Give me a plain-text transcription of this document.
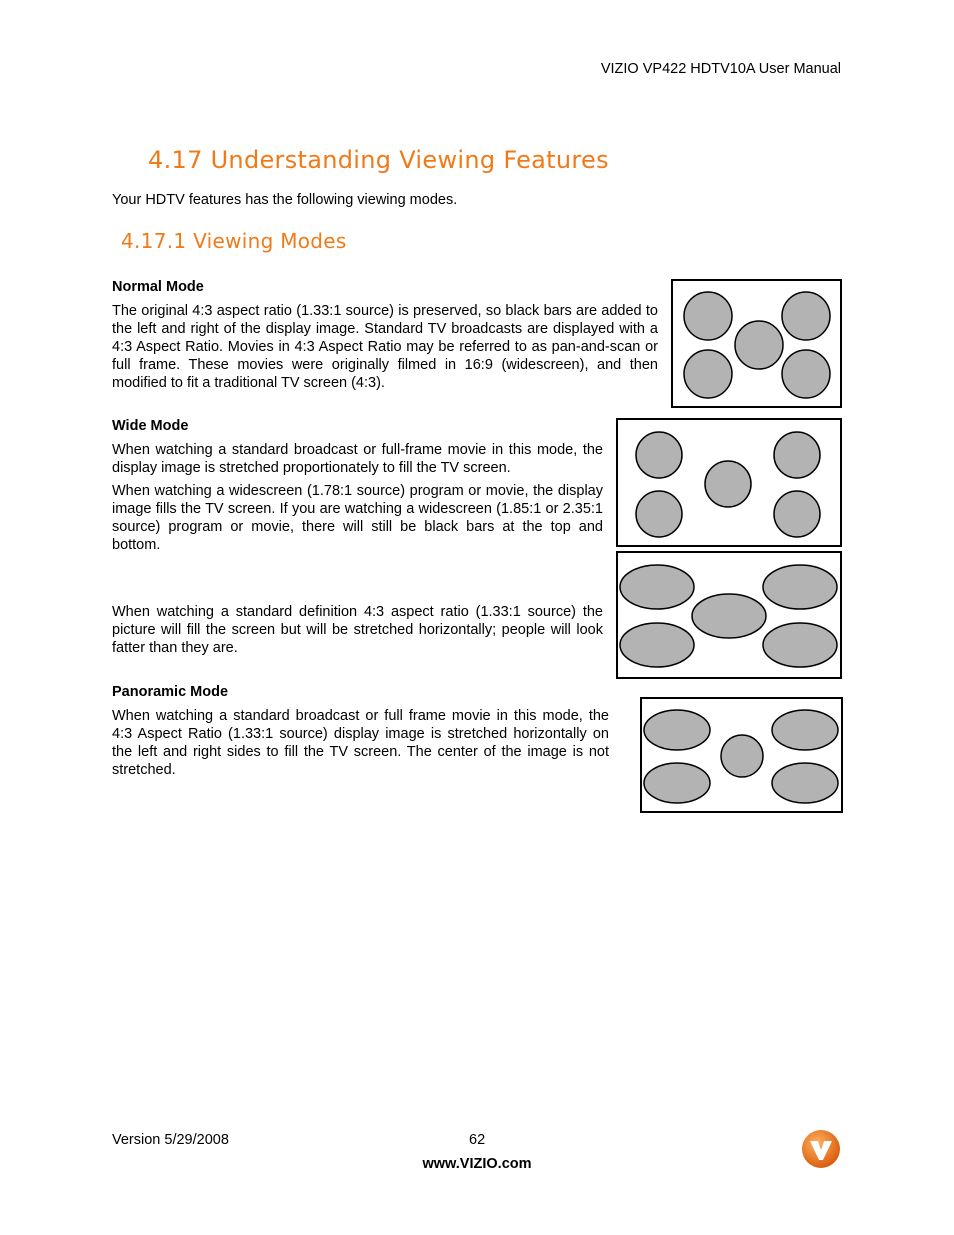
VIZIO VP422 HDTV10A User Manual
4.17 Understanding Viewing Features
Your HDTV features has the following viewing modes.
4.17.1 Viewing Modes
Normal Mode
The original 4:3 aspect ratio (1.33:1 source) is preserved, so black bars are added to the left and right of the display image. Standard TV broadcasts are displayed with a 4:3 Aspect Ratio. Movies in 4:3 Aspect Ratio may be referred to as pan-and-scan or full frame. These movies were originally filmed in 16:9 (widescreen), and then modified to fit a traditional TV screen (4:3).
Wide Mode
When watching a standard broadcast or full-frame movie in this mode, the display image is stretched proportionately to fill the TV screen.
When watching a widescreen (1.78:1 source) program or movie, the display image fills the TV screen. If you are watching a widescreen (1.85:1 or 2.35:1 source) program or movie, there will still be black bars at the top and bottom.
When watching a standard definition 4:3 aspect ratio (1.33:1 source) the picture will fill the screen but will be stretched horizontally; people will look fatter than they are.
Panoramic Mode
When watching a standard broadcast or full frame movie in this mode, the 4:3 Aspect Ratio (1.33:1 source) display image is stretched horizontally on the left and right sides to fill the TV screen. The center of the image is not stretched.
Version 5/29/2008	62
www.VIZIO.com
